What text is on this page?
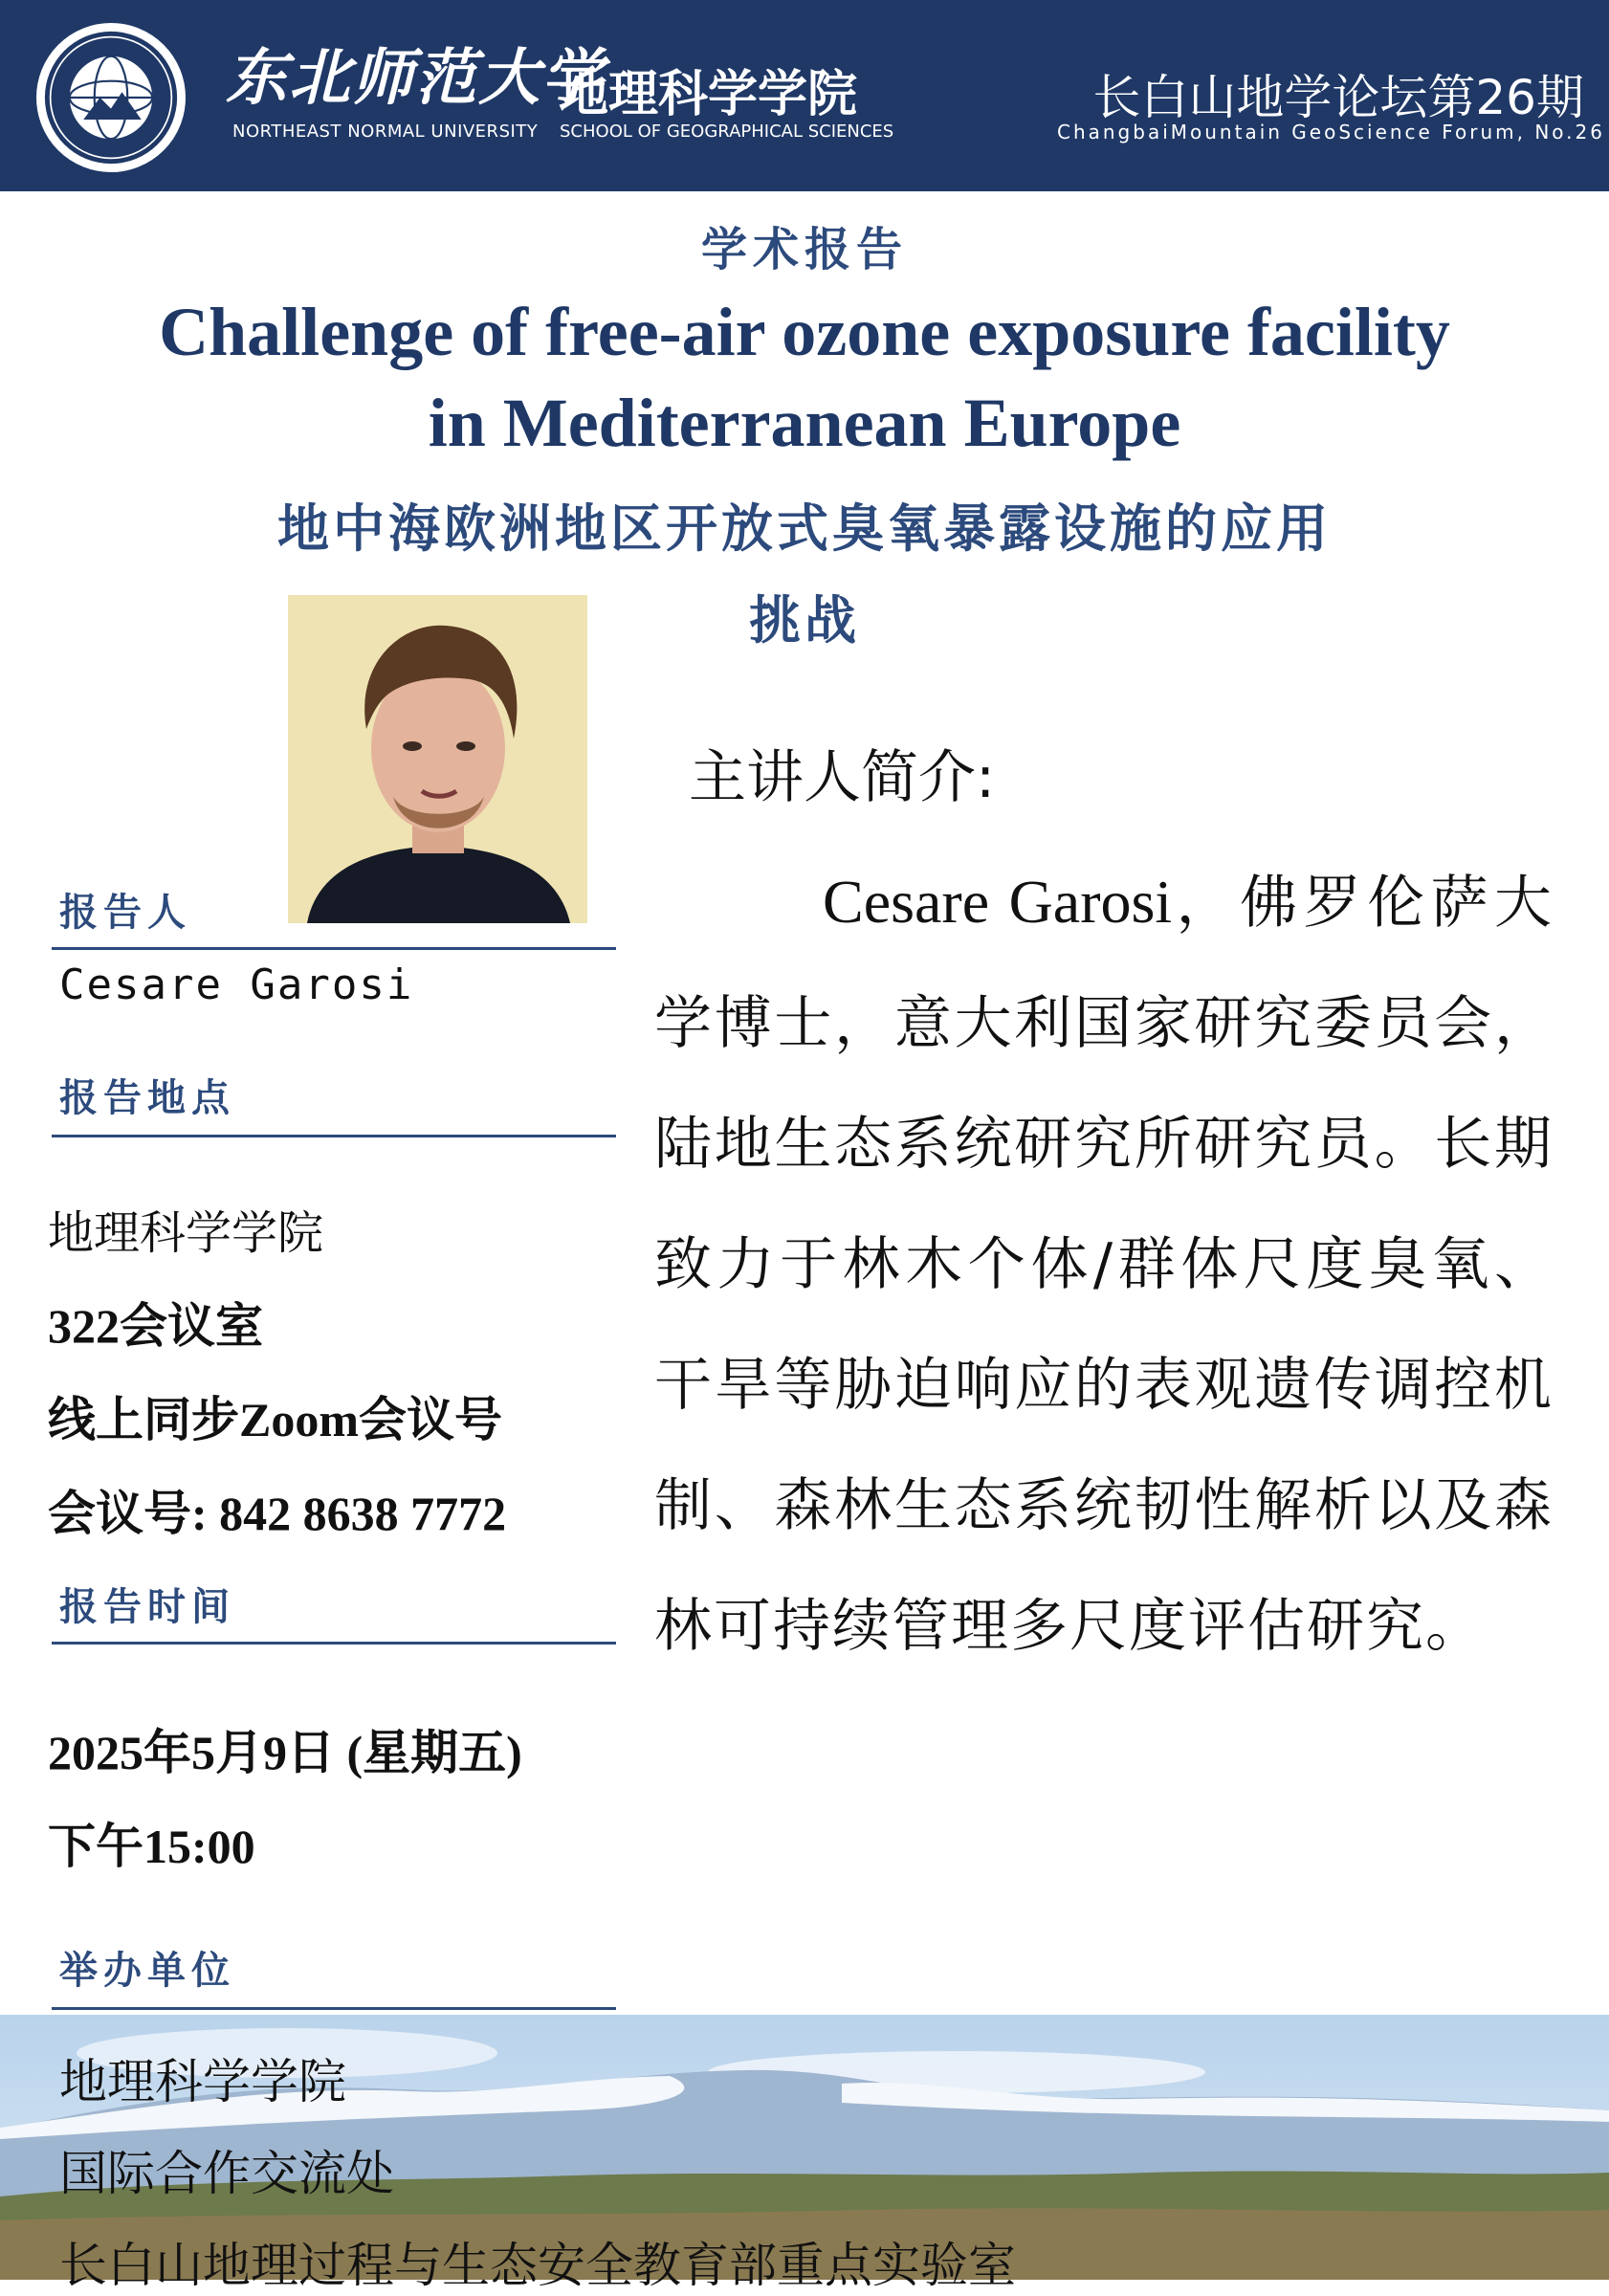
东北师范大学
NORTHEAST NORMAL UNIVERSITY
地理科学学院
SCHOOL OF GEOGRAPHICAL SCIENCES
长白山地学论坛第26期
ChangbaiMountain GeoScience Forum, No.26
学术报告
Challenge of free-air ozone exposure facility
in Mediterranean Europe
地中海欧洲地区开放式臭氧暴露设施的应用
挑战
报告人
Cesare Garosi
报告地点
地理科学学院
322会议室
线上同步Zoom会议号
会议号: 842 8638 7772
报告时间
2025年5月9日 (星期五)
下午15:00
举办单位
主讲人简介:
Cesare Garosi，佛罗伦萨大学博士，意大利国家研究委员会，陆地生态系统研究所研究员。长期致力于林木个体/群体尺度臭氧、干旱等胁迫响应的表观遗传调控机制、森林生态系统韧性解析以及森林可持续管理多尺度评估研究。
地理科学学院
国际合作交流处
长白山地理过程与生态安全教育部重点实验室
